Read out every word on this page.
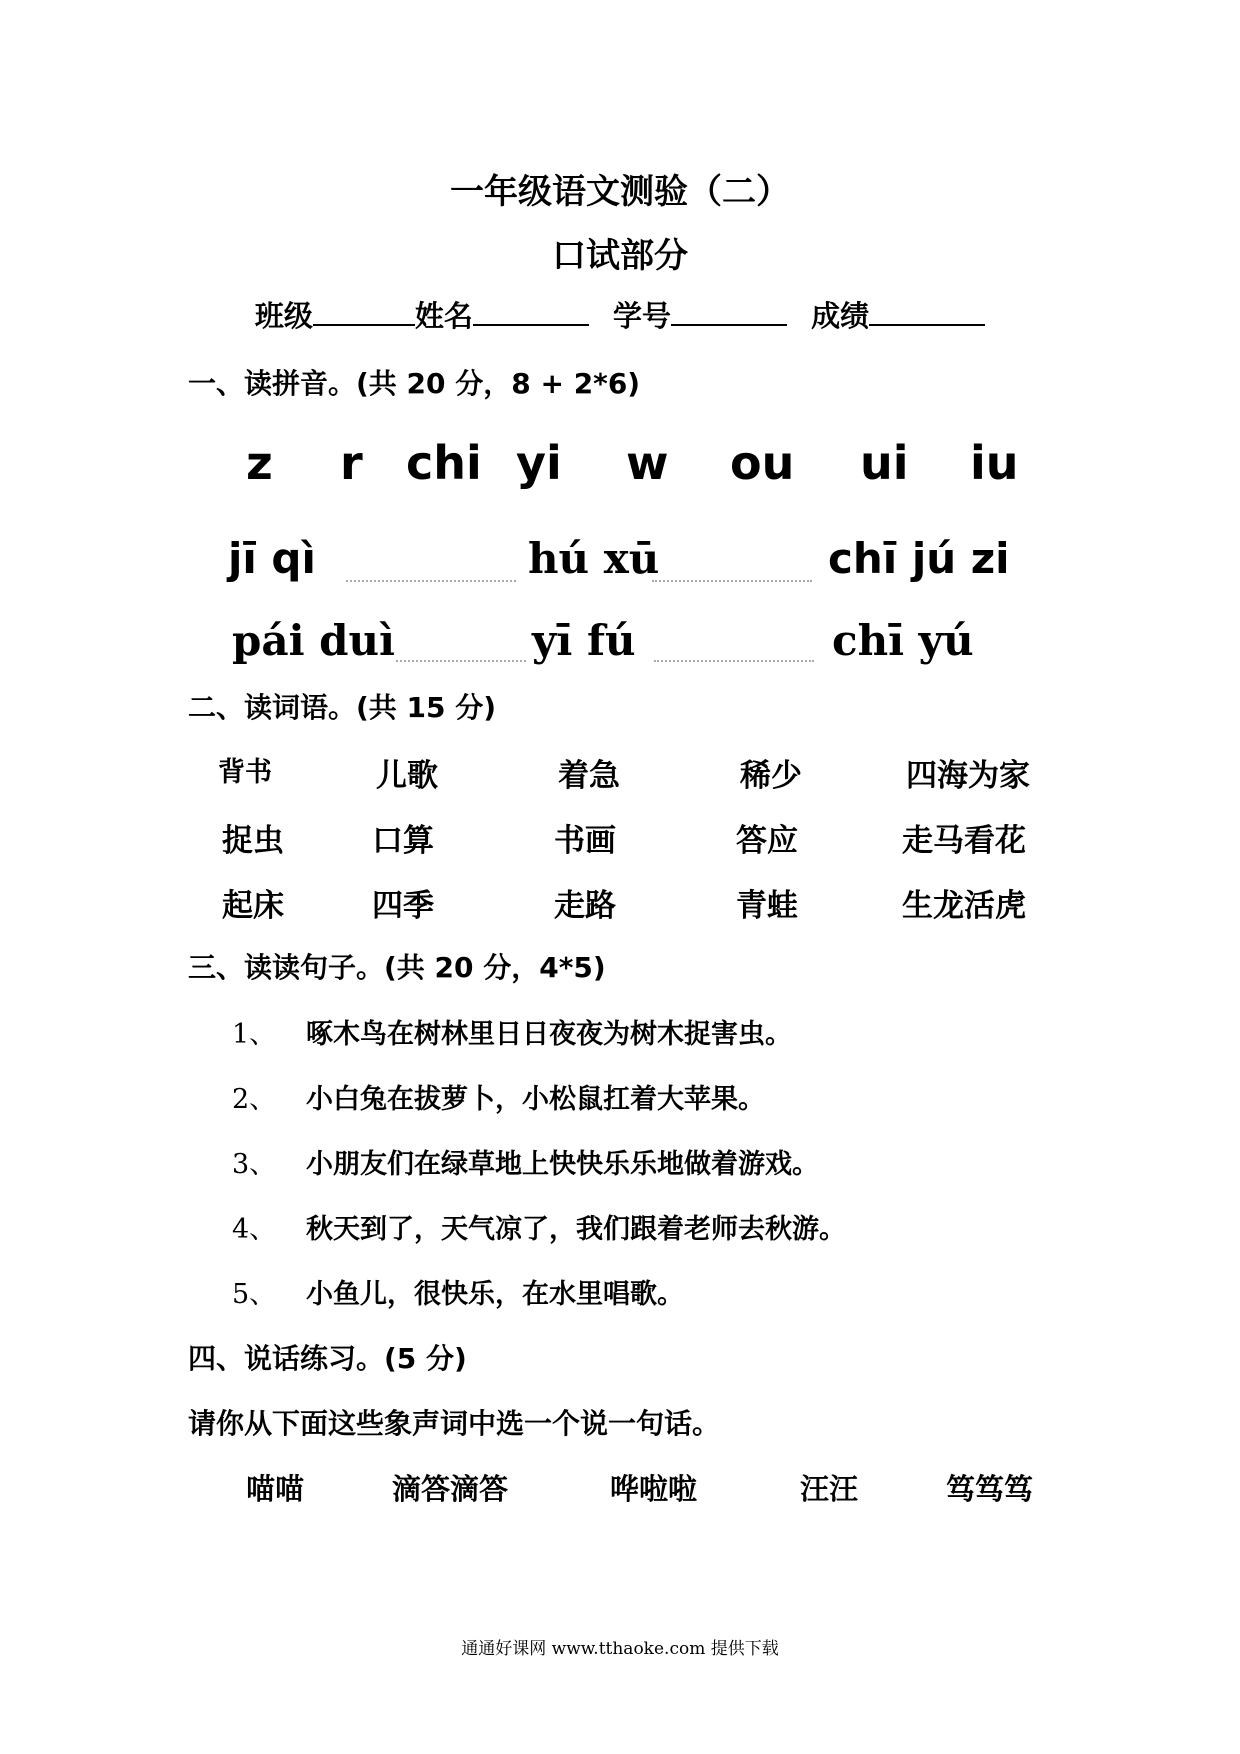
一年级语文测验（二）
口试部分
班级	姓名	学号	成绩
一、读拼音。(共 20 分，8 + 2*6)
z r chi yi w ou ui iu
jī qì	hú xū	chī jú zi
pái duì	yī fú	chī yú
二、读词语。(共 15 分)
背书	儿歌	着急	稀少	四海为家
捉虫	口算	书画	答应	走马看花
起床	四季	走路	青蛙	生龙活虎
三、读读句子。(共 20 分，4*5)
1、 啄木鸟在树林里日日夜夜为树木捉害虫。
2、 小白兔在拔萝卜，小松鼠扛着大苹果。
3、 小朋友们在绿草地上快快乐乐地做着游戏。
4、 秋天到了，天气凉了，我们跟着老师去秋游。
5、 小鱼儿，很快乐，在水里唱歌。
四、说话练习。(5 分)
请你从下面这些象声词中选一个说一句话。
喵喵	滴答滴答	哗啦啦	汪汪	笃笃笃
通通好课网 www.tthaoke.com 提供下载
